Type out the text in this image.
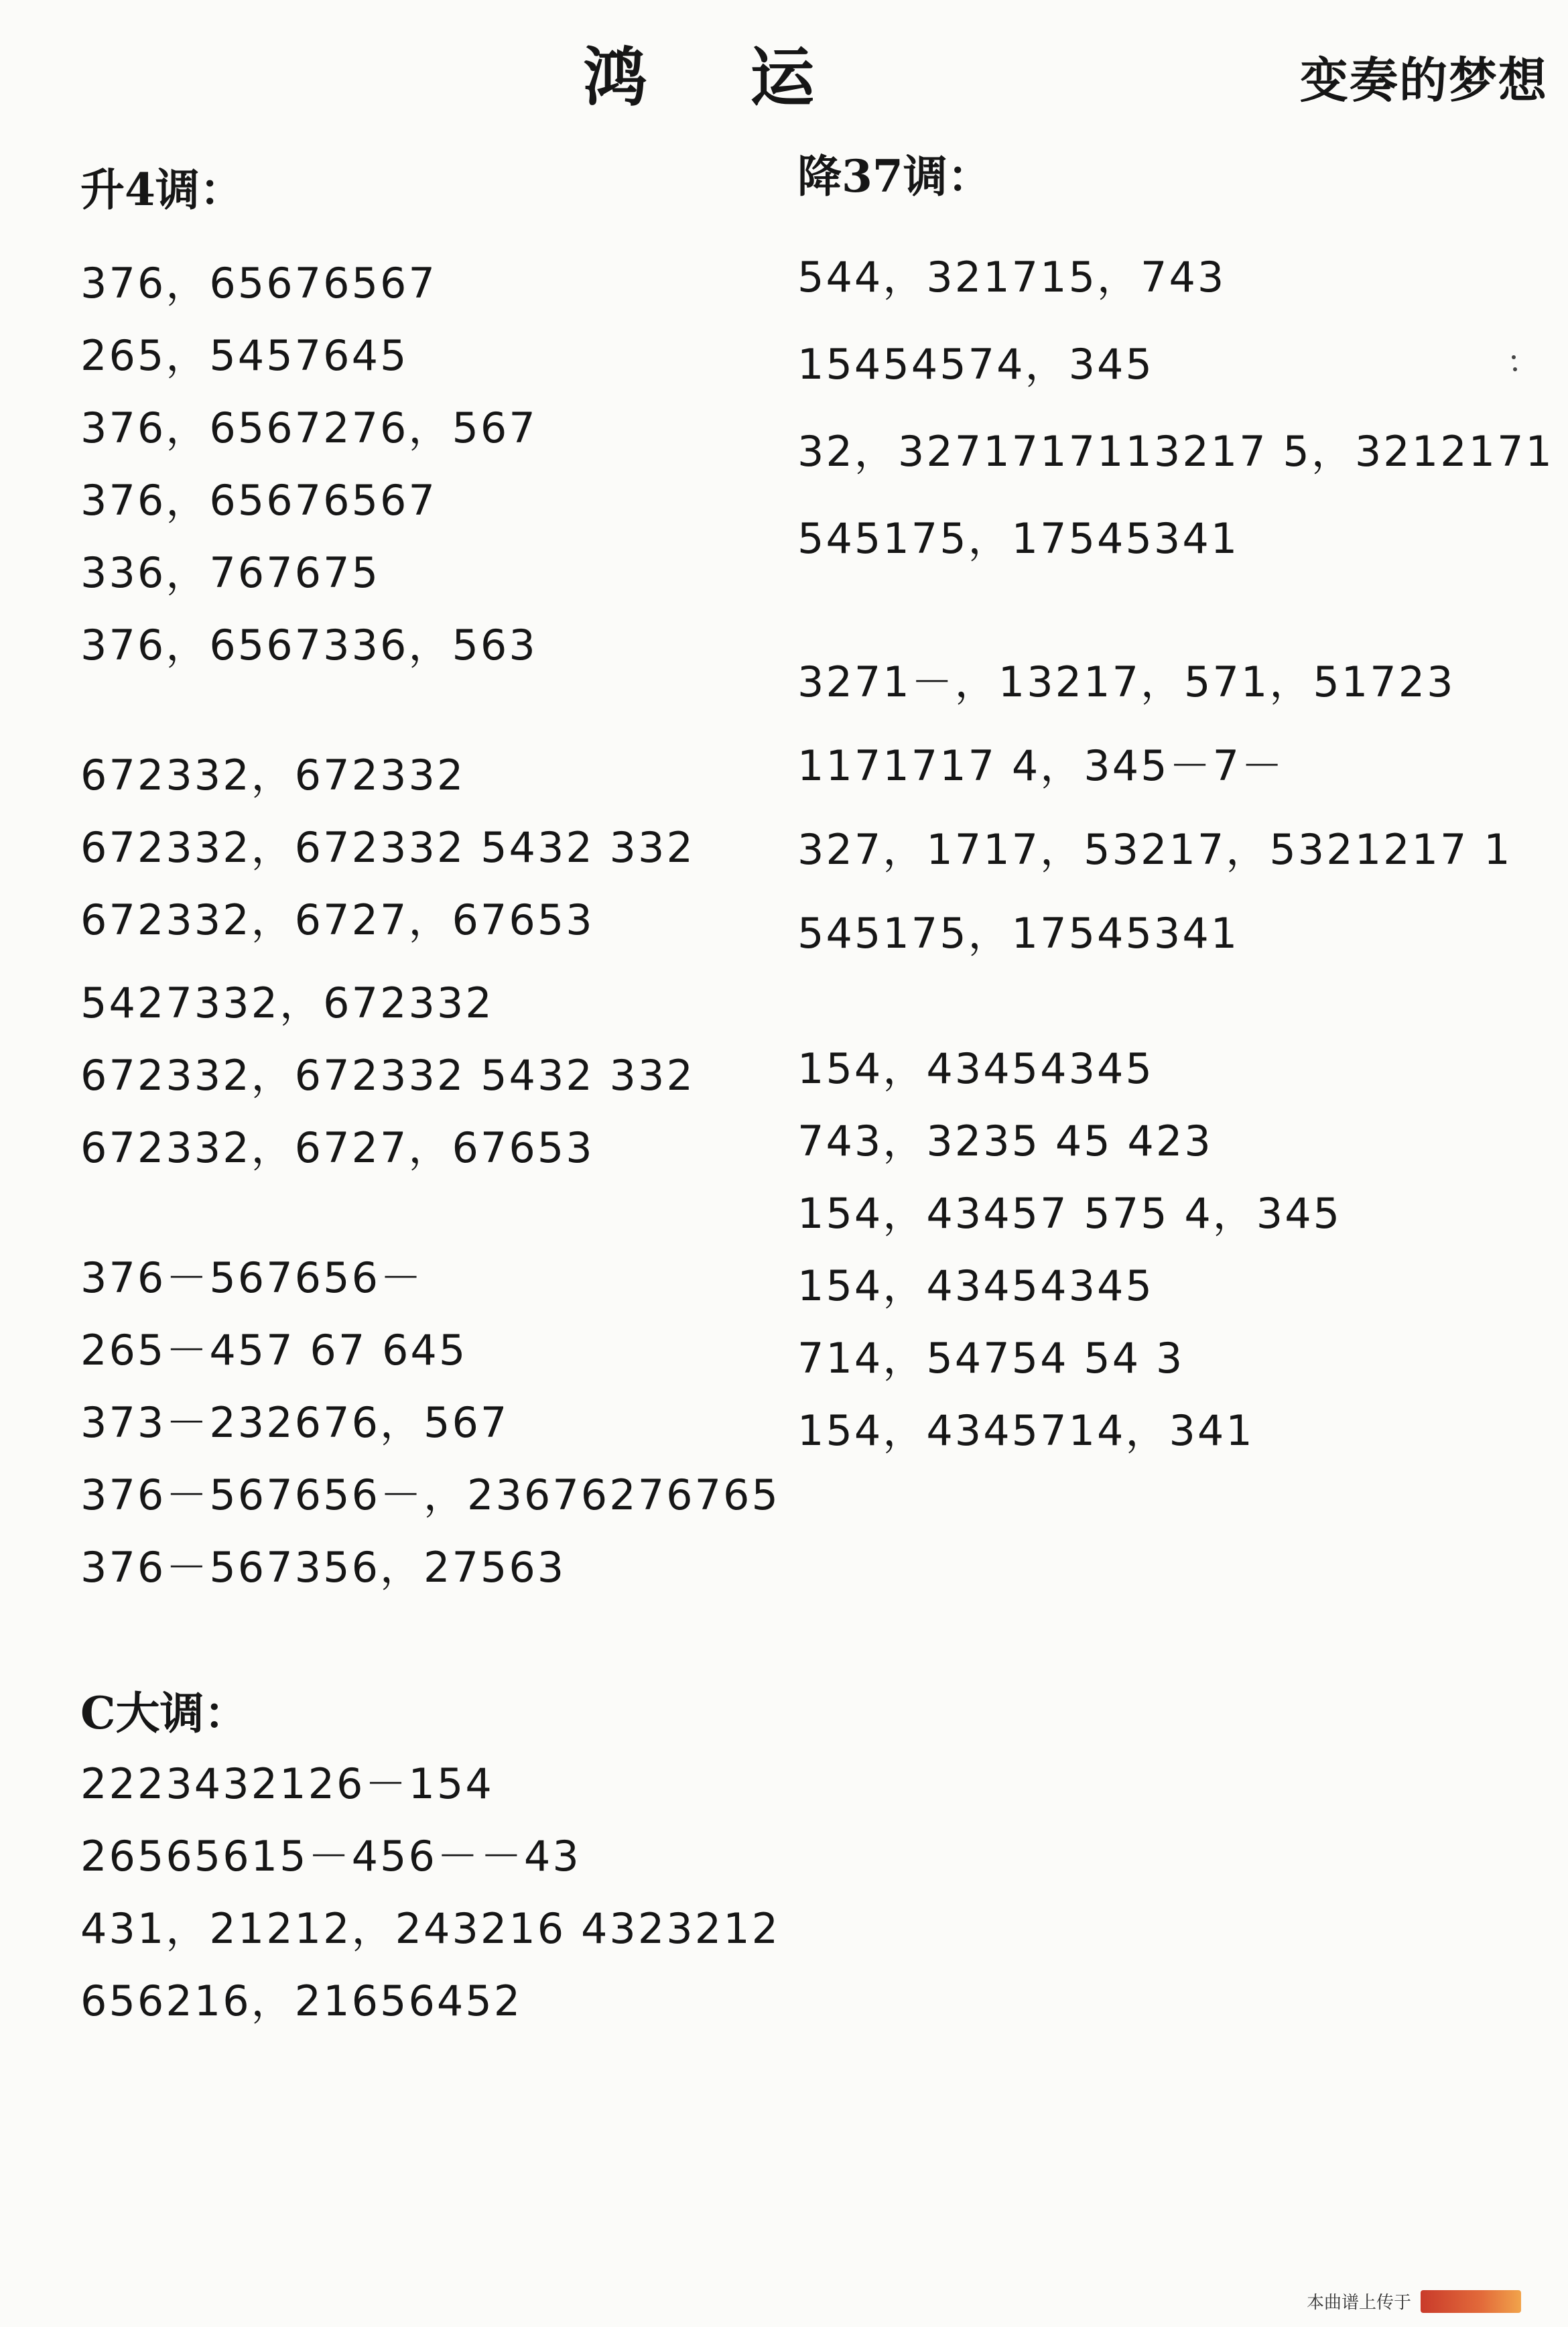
鸿 运	变奏的梦想
升4调：
376，65676567
265，5457645
376，6567276，567
376，65676567
336，767675
376，6567336，563
672332，672332
672332，672332 5432 332
672332，6727，67653
5427332，672332
672332，672332 5432 332
672332，6727，67653
376－567656－
265－457 67 645
373－232676，567
376－567656－，23676276765
376－567356，27563
C大调：
2223432126－154
26565615－456－－43
431，21212，243216 4323212
656216，21656452
降37调：
544，321715，743
15454574，345
32，3271717113217 5，3212171
545175，17545341
3271－，13217，571，51723
1171717 4，345－7－
327，1717，53217，5321217 1
545175，17545341
154，43454345
743，3235 45 423
154，43457 575 4，345
154，43454345
714，54754 54 3
154，4345714，341
本曲谱上传于
